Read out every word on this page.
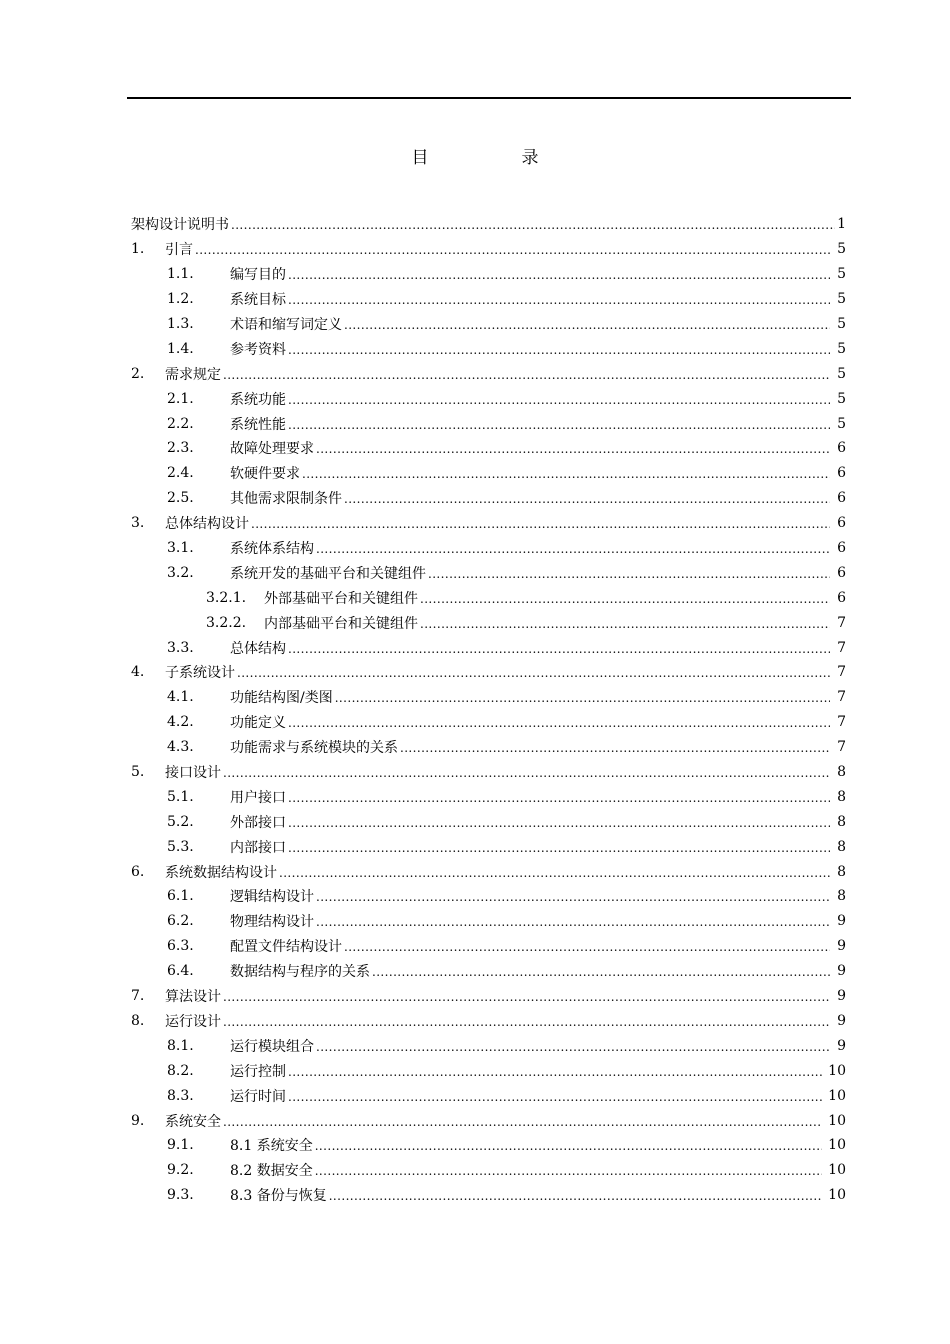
目　录
架构设计说明书 .....	1
1.	引言 .....	5
1.1.	编写目的 .....	5
1.2.	系统目标 .....	5
1.3.	术语和缩写词定义 .....	5
1.4.	参考资料 .....	5
2.	需求规定 .....	5
2.1.	系统功能 .....	5
2.2.	系统性能 .....	5
2.3.	故障处理要求 .....	6
2.4.	软硬件要求 .....	6
2.5.	其他需求限制条件 .....	6
3.	总体结构设计 .....	6
3.1.	系统体系结构 .....	6
3.2.	系统开发的基础平台和关键组件 .....	6
3.2.1.	外部基础平台和关键组件 .....	6
3.2.2.	内部基础平台和关键组件 .....	7
3.3.	总体结构 .....	7
4.	子系统设计 .....	7
4.1.	功能结构图/类图 .....	7
4.2.	功能定义 .....	7
4.3.	功能需求与系统模块的关系 .....	7
5.	接口设计 .....	8
5.1.	用户接口 .....	8
5.2.	外部接口 .....	8
5.3.	内部接口 .....	8
6.	系统数据结构设计 .....	8
6.1.	逻辑结构设计 .....	8
6.2.	物理结构设计 .....	9
6.3.	配置文件结构设计 .....	9
6.4.	数据结构与程序的关系 .....	9
7.	算法设计 .....	9
8.	运行设计 .....	9
8.1.	运行模块组合 .....	9
8.2.	运行控制 .....	10
8.3.	运行时间 .....	10
9.	系统安全 .....	10
9.1.	8.1 系统安全 .....	10
9.2.	8.2 数据安全 .....	10
9.3.	8.3 备份与恢复 .....	10
